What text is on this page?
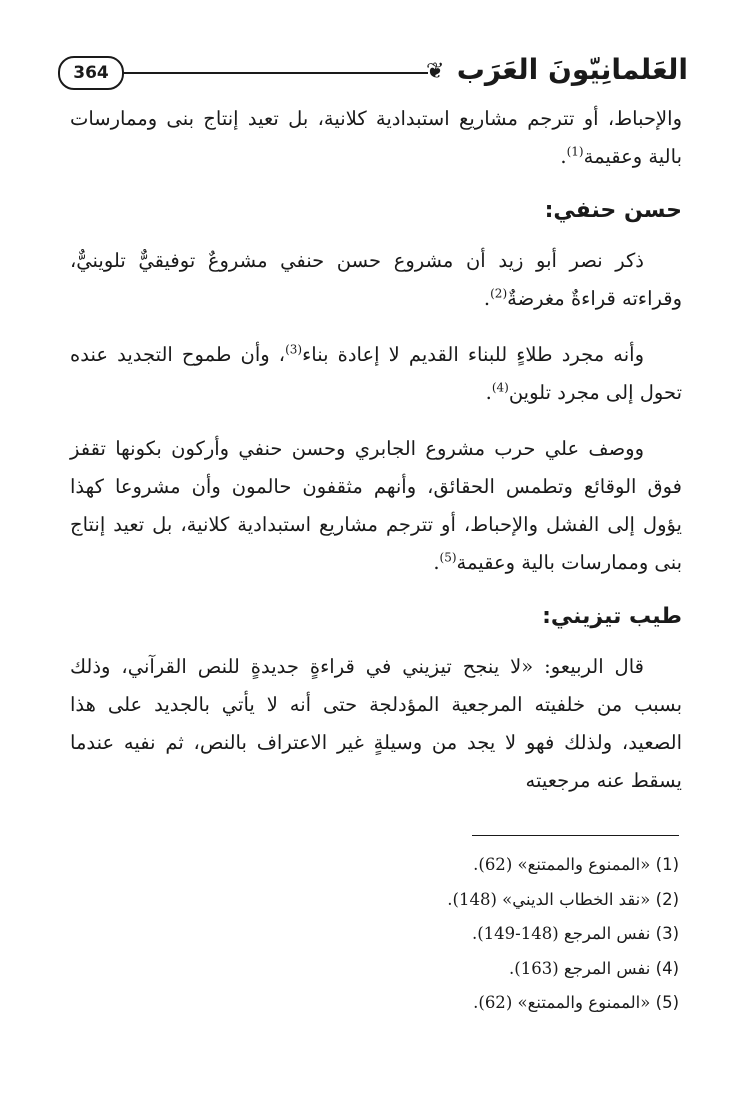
364	❦ العَلمانِيّونَ العَرَب

والإحباط، أو تترجم مشاريع استبدادية كلانية، بل تعيد إنتاج بنى وممارسات بالية وعقيمة$^{(1)}$.

حسن حنفي:

ذكر نصر أبو زيد أن مشروع حسن حنفي مشروعٌ توفيقيٌّ تلوينيٌّ، وقراءته قراءةٌ مغرضةٌ$^{(2)}$.

وأنه مجرد طلاءٍ للبناء القديم لا إعادة بناء$^{(3)}$، وأن طموح التجديد عنده تحول إلى مجرد تلوين$^{(4)}$.

ووصف علي حرب مشروع الجابري وحسن حنفي وأركون بكونها تقفز فوق الوقائع وتطمس الحقائق، وأنهم مثقفون حالمون وأن مشروعا كهذا يؤول إلى الفشل والإحباط، أو تترجم مشاريع استبدادية كلانية، بل تعيد إنتاج بنى وممارسات بالية وعقيمة$^{(5)}$.

طيب تيزيني:

قال الربيعو: «لا ينجح تيزيني في قراءةٍ جديدةٍ للنص القرآني، وذلك بسبب من خلفيته المرجعية المؤدلجة حتى أنه لا يأتي بالجديد على هذا الصعيد، ولذلك فهو لا يجد من وسيلةٍ غير الاعتراف بالنص، ثم نفيه عندما يسقط عنه مرجعيته

(1) «الممنوع والممتنع» (62).
(2) «نقد الخطاب الديني» (148).
(3) نفس المرجع (148-149).
(4) نفس المرجع (163).
(5) «الممنوع والممتنع» (62).
